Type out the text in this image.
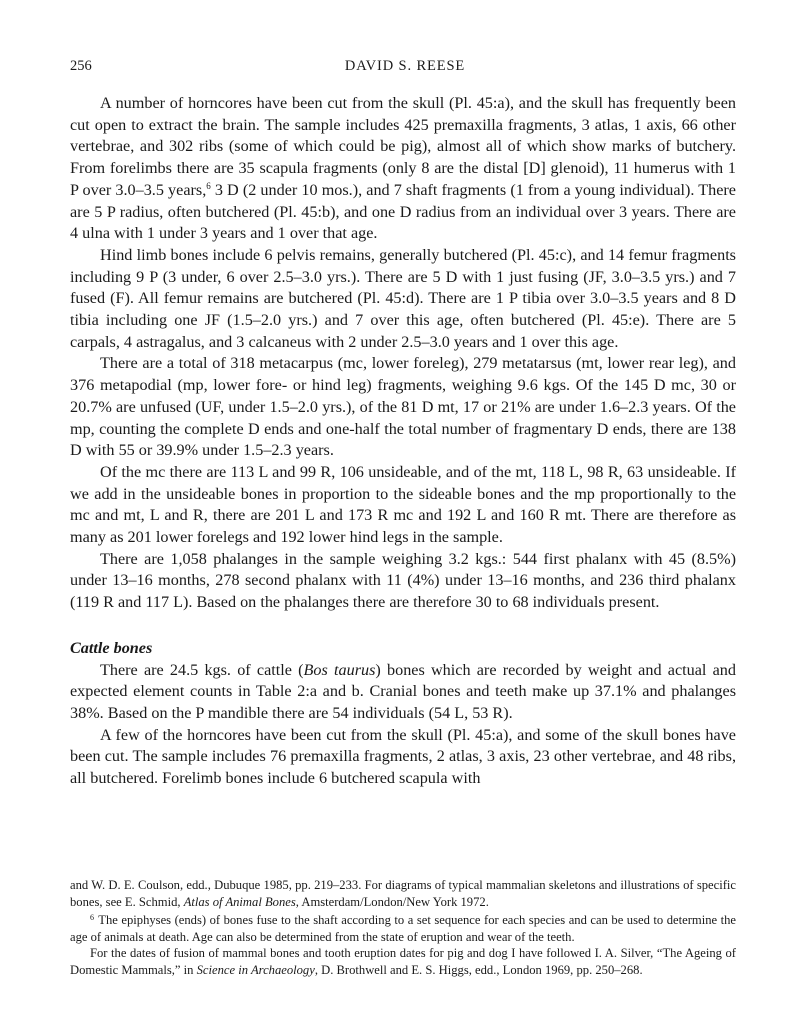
256	DAVID S. REESE

A number of horncores have been cut from the skull (Pl. 45:a), and the skull has frequently been cut open to extract the brain. The sample includes 425 premaxilla fragments, 3 atlas, 1 axis, 66 other vertebrae, and 302 ribs (some of which could be pig), almost all of which show marks of butchery. From forelimbs there are 35 scapula fragments (only 8 are the distal [D] glenoid), 11 humerus with 1 P over 3.0–3.5 years,$^6$ 3 D (2 under 10 mos.), and 7 shaft fragments (1 from a young individual). There are 5 P radius, often butchered (Pl. 45:b), and one D radius from an individual over 3 years. There are 4 ulna with 1 under 3 years and 1 over that age.

Hind limb bones include 6 pelvis remains, generally butchered (Pl. 45:c), and 14 femur fragments including 9 P (3 under, 6 over 2.5–3.0 yrs.). There are 5 D with 1 just fusing (JF, 3.0–3.5 yrs.) and 7 fused (F). All femur remains are butchered (Pl. 45:d). There are 1 P tibia over 3.0–3.5 years and 8 D tibia including one JF (1.5–2.0 yrs.) and 7 over this age, often butchered (Pl. 45:e). There are 5 carpals, 4 astragalus, and 3 calcaneus with 2 under 2.5–3.0 years and 1 over this age.

There are a total of 318 metacarpus (mc, lower foreleg), 279 metatarsus (mt, lower rear leg), and 376 metapodial (mp, lower fore- or hind leg) fragments, weighing 9.6 kgs. Of the 145 D mc, 30 or 20.7% are unfused (UF, under 1.5–2.0 yrs.), of the 81 D mt, 17 or 21% are under 1.6–2.3 years. Of the mp, counting the complete D ends and one-half the total number of fragmentary D ends, there are 138 D with 55 or 39.9% under 1.5–2.3 years.

Of the mc there are 113 L and 99 R, 106 unsideable, and of the mt, 118 L, 98 R, 63 unsideable. If we add in the unsideable bones in proportion to the sideable bones and the mp proportionally to the mc and mt, L and R, there are 201 L and 173 R mc and 192 L and 160 R mt. There are therefore as many as 201 lower forelegs and 192 lower hind legs in the sample.

There are 1,058 phalanges in the sample weighing 3.2 kgs.: 544 first phalanx with 45 (8.5%) under 13–16 months, 278 second phalanx with 11 (4%) under 13–16 months, and 236 third phalanx (119 R and 117 L). Based on the phalanges there are therefore 30 to 68 individuals present.

Cattle bones

There are 24.5 kgs. of cattle (Bos taurus) bones which are recorded by weight and actual and expected element counts in Table 2:a and b. Cranial bones and teeth make up 37.1% and phalanges 38%. Based on the P mandible there are 54 individuals (54 L, 53 R).

A few of the horncores have been cut from the skull (Pl. 45:a), and some of the skull bones have been cut. The sample includes 76 premaxilla fragments, 2 atlas, 3 axis, 23 other vertebrae, and 48 ribs, all butchered. Forelimb bones include 6 butchered scapula with

and W. D. E. Coulson, edd., Dubuque 1985, pp. 219–233. For diagrams of typical mammalian skeletons and illustrations of specific bones, see E. Schmid, Atlas of Animal Bones, Amsterdam/London/New York 1972.

$^6$ The epiphyses (ends) of bones fuse to the shaft according to a set sequence for each species and can be used to determine the age of animals at death. Age can also be determined from the state of eruption and wear of the teeth.

For the dates of fusion of mammal bones and tooth eruption dates for pig and dog I have followed I. A. Silver, “The Ageing of Domestic Mammals,” in Science in Archaeology, D. Brothwell and E. S. Higgs, edd., London 1969, pp. 250–268.
